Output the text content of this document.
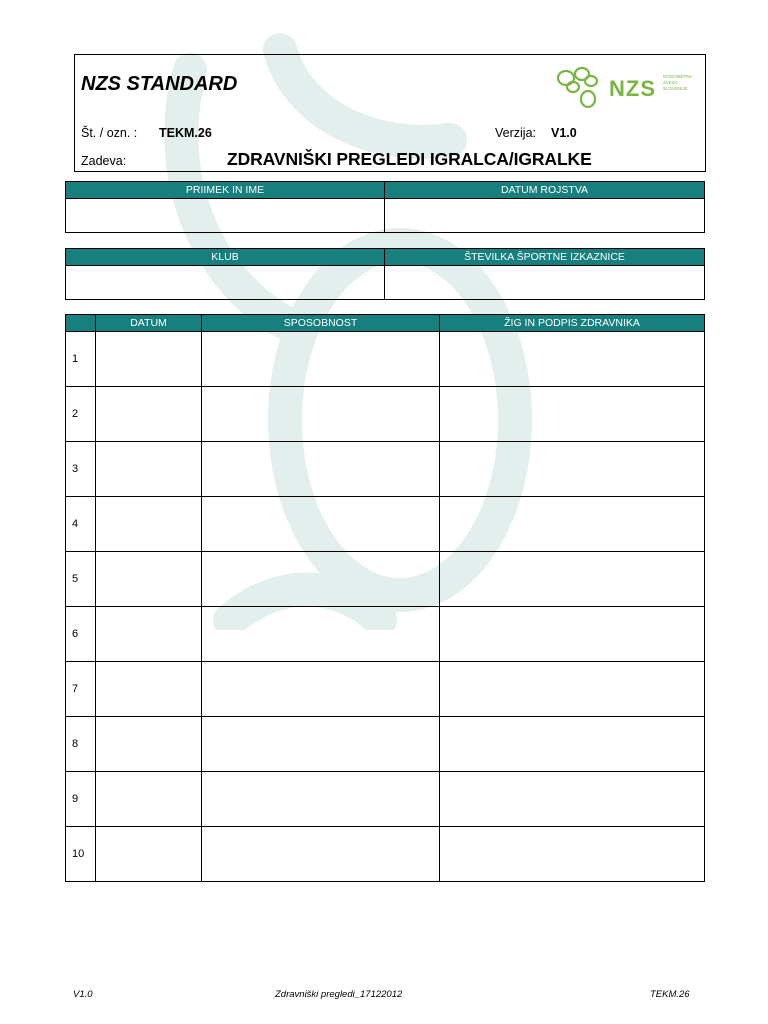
NZS STANDARD	NZS NOGOMETNA
ZVEZA
SLOVENIJE
Št. / ozn. : TEKM.26	Verzija: V1.0
Zadeva:	ZDRAVNIŠKI PREGLEDI IGRALCA/IGRALKE
PRIIMEK IN IME	DATUM ROJSTVA

KLUB	ŠTEVILKA ŠPORTNE IZKAZNICE

	DATUM	SPOSOBNOST	ŽIG IN PODPIS ZDRAVNIKA
1			
2			
3			
4			
5			
6			
7			
8			
9			
10			
V1.0	Zdravniški pregledi_17122012	TEKM.26
